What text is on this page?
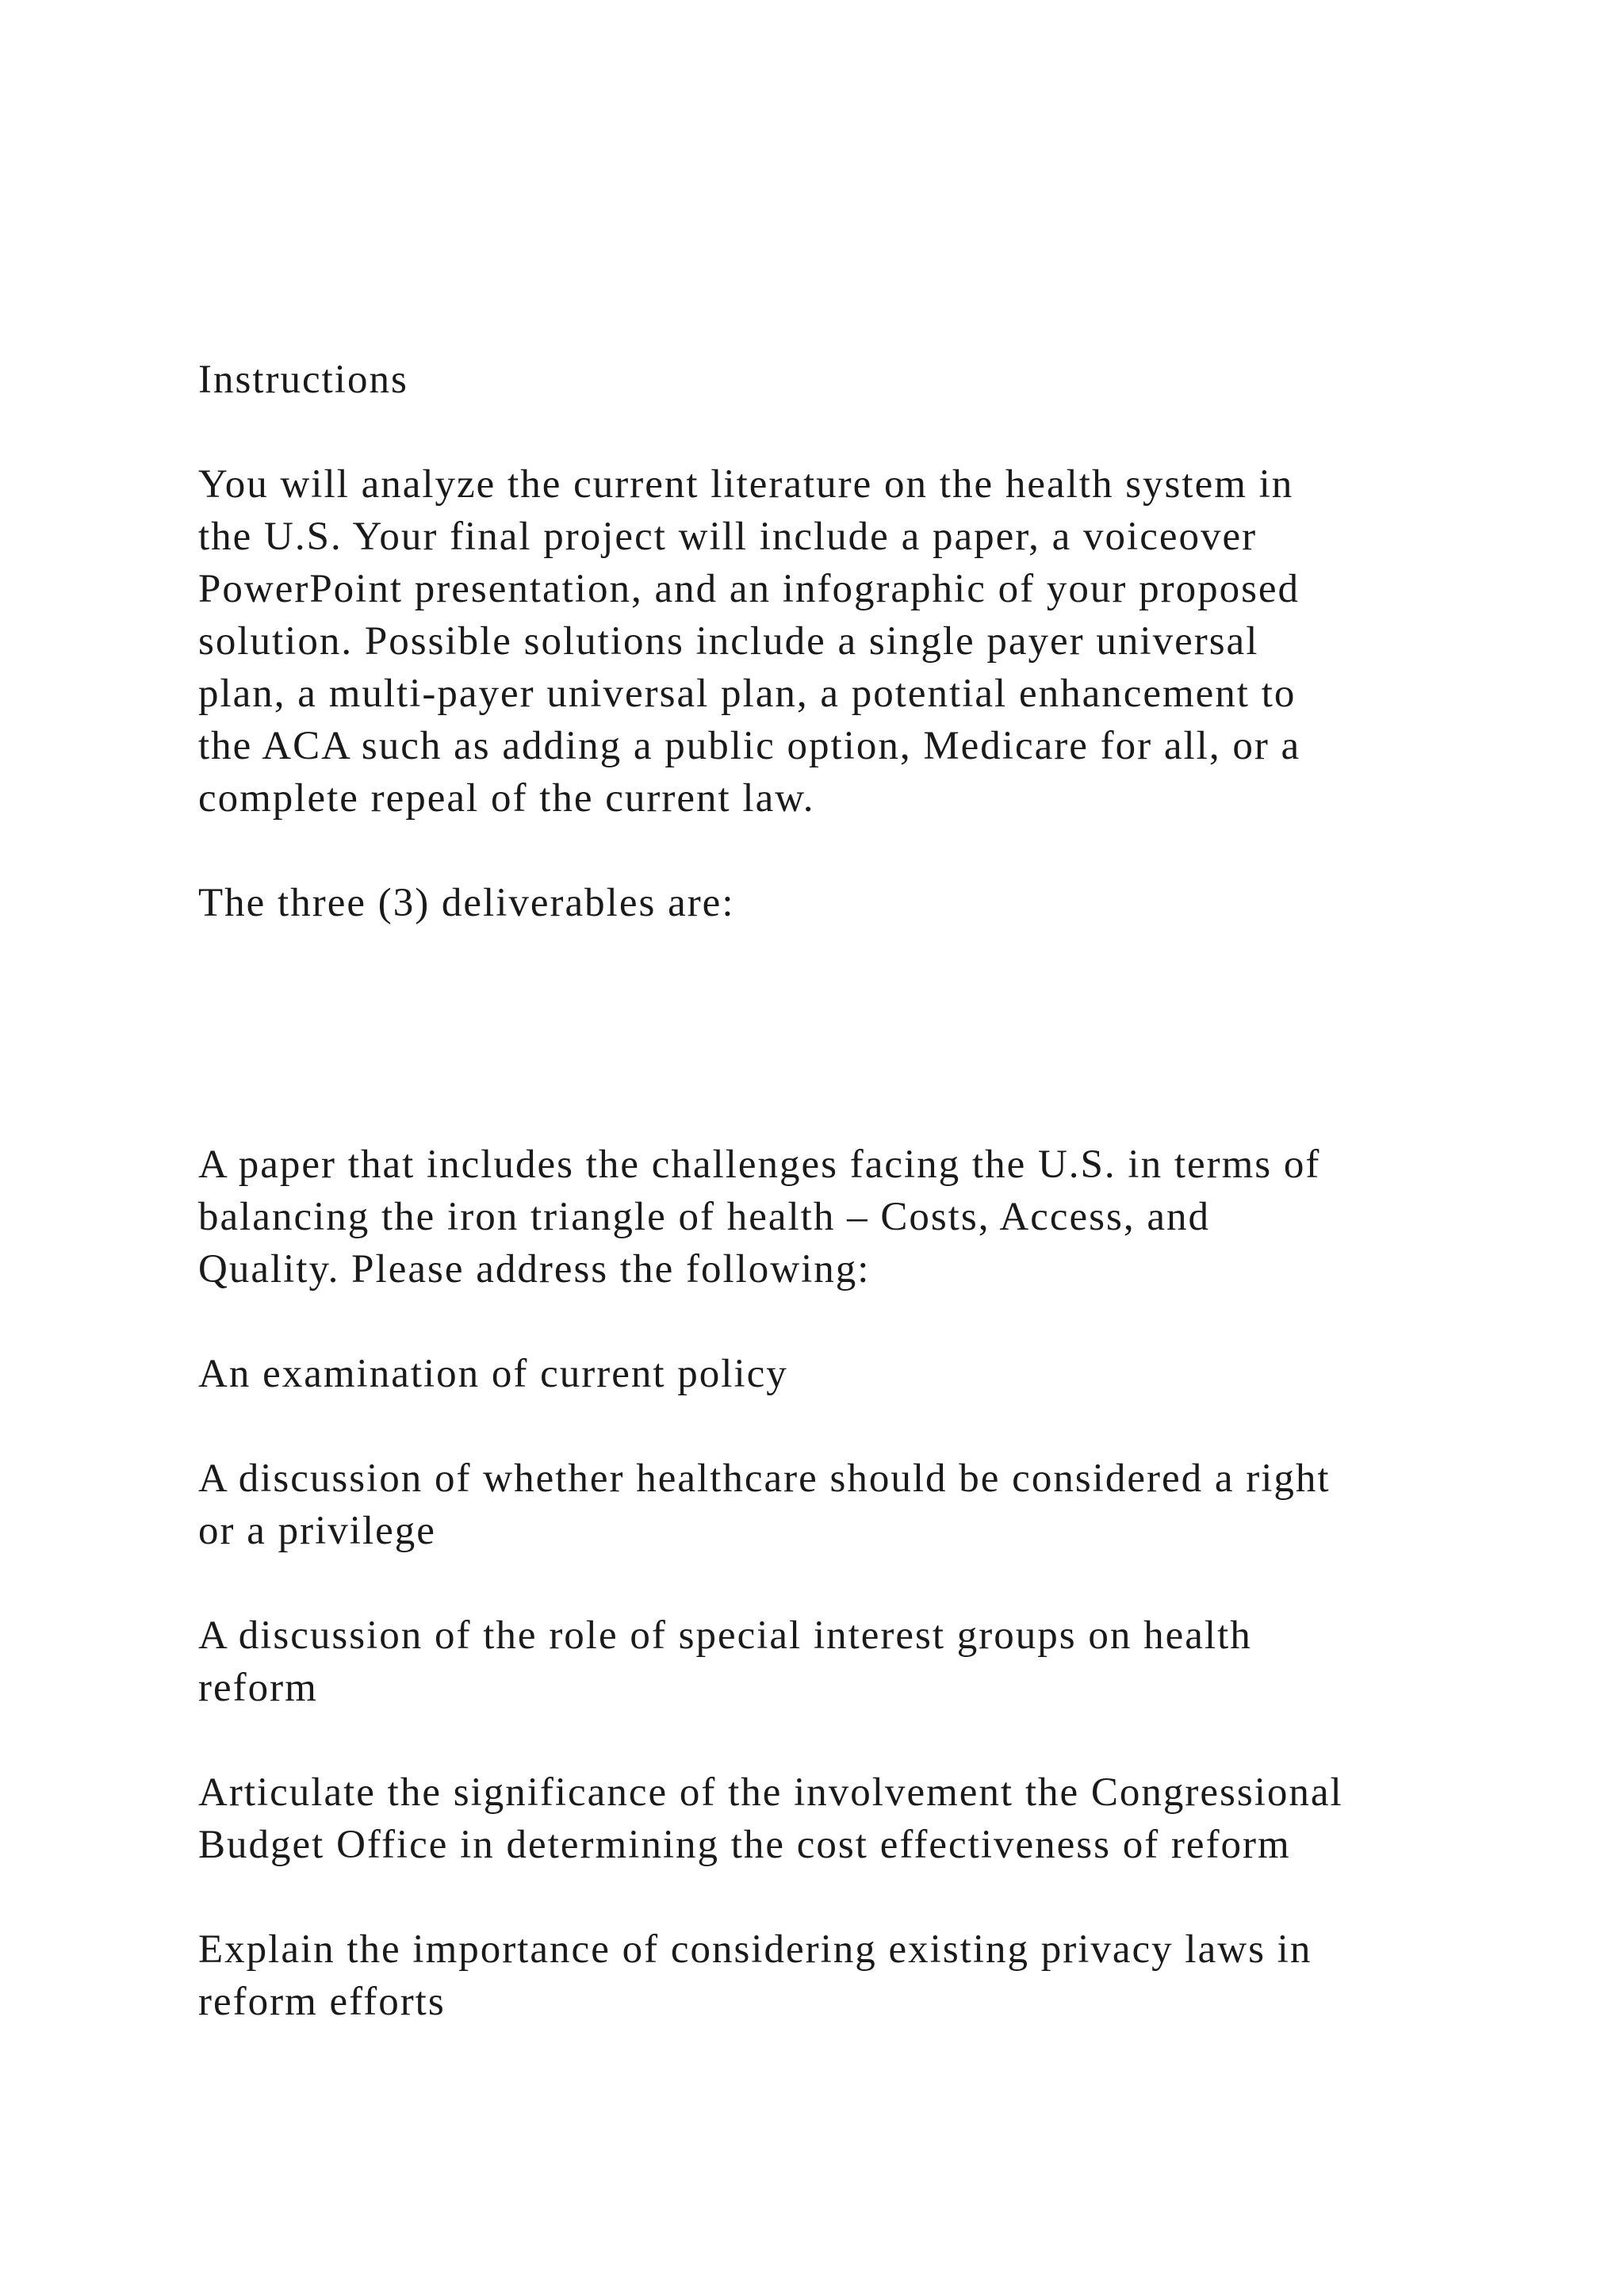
Instructions

You will analyze the current literature on the health system in
the U.S. Your final project will include a paper, a voiceover
PowerPoint presentation, and an infographic of your proposed
solution. Possible solutions include a single payer universal
plan, a multi-payer universal plan, a potential enhancement to
the ACA such as adding a public option, Medicare for all, or a
complete repeal of the current law.

The three (3) deliverables are:

A paper that includes the challenges facing the U.S. in terms of
balancing the iron triangle of health – Costs, Access, and
Quality. Please address the following:

An examination of current policy

A discussion of whether healthcare should be considered a right
or a privilege

A discussion of the role of special interest groups on health
reform

Articulate the significance of the involvement the Congressional
Budget Office in determining the cost effectiveness of reform

Explain the importance of considering existing privacy laws in
reform efforts
